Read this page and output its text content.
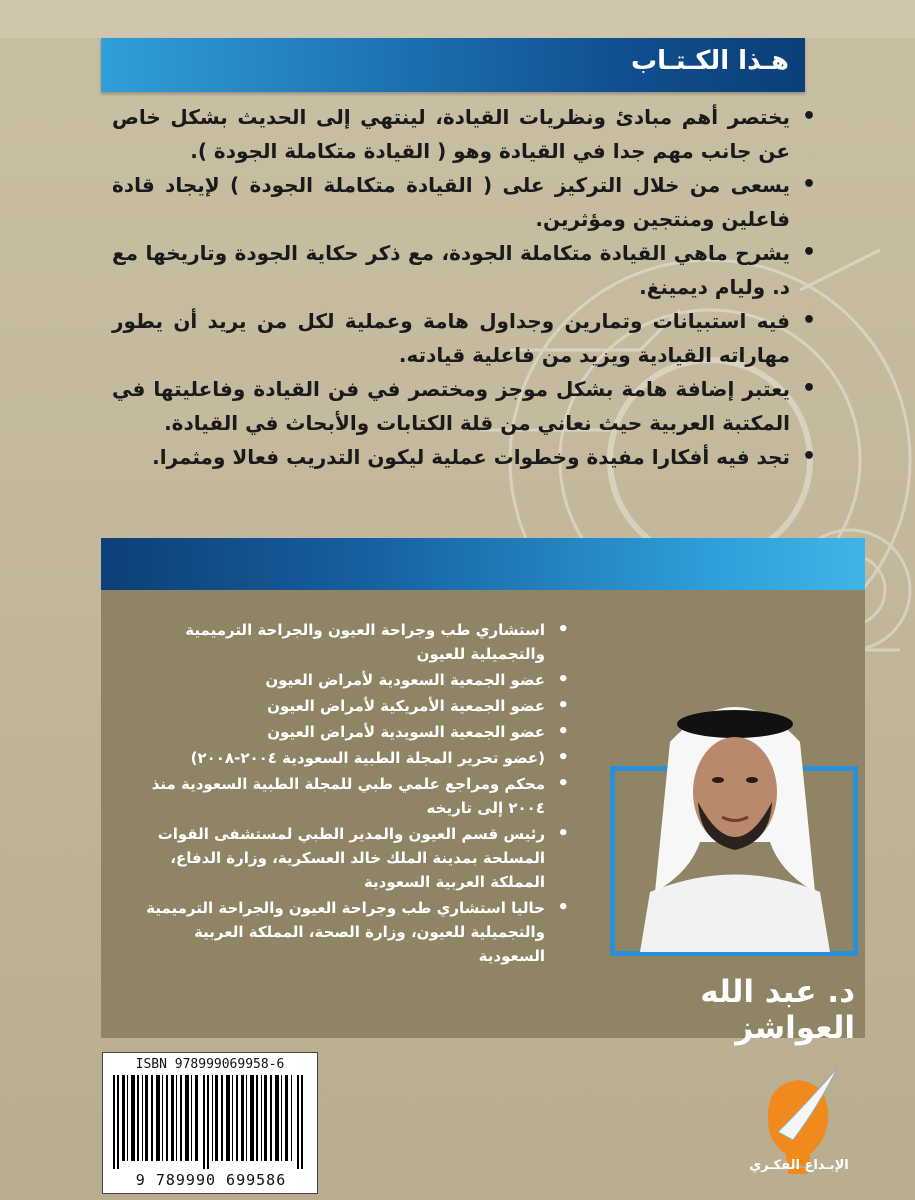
هـذا الكـتـاب
• يختصر أهم مبادئ ونظريات القيادة، لينتهي إلى الحديث بشكل خاص عن جانب مهم جدا في القيادة وهو ( القيادة متكاملة الجودة ).
• يسعى من خلال التركيز على ( القيادة متكاملة الجودة ) لإيجاد قادة فاعلين ومنتجين ومؤثرين.
• يشرح ماهي القيادة متكاملة الجودة، مع ذكر حكاية الجودة وتاريخها مع د. وليام ديمينغ.
• فيه استبيانات وتمارين وجداول هامة وعملية لكل من يريد أن يطور مهاراته القيادية ويزيد من فاعلية قيادته.
• يعتبر إضافة هامة بشكل موجز ومختصر في فن القيادة وفاعليتها في المكتبة العربية حيث نعاني من قلة الكتابات والأبحاث في القيادة.
• تجد فيه أفكارا مفيدة وخطوات عملية ليكون التدريب فعالا ومثمرا.
• استشاري طب وجراحة العيون والجراحة الترميمية والتجميلية للعيون
• عضو الجمعية السعودية لأمراض العيون
• عضو الجمعية الأمريكية لأمراض العيون
• عضو الجمعية السويدية لأمراض العيون
• (عضو تحرير المجلة الطبية السعودية ٢٠٠٤-٢٠٠٨)
• محكم ومراجع علمي طبي للمجلة الطبية السعودية منذ ٢٠٠٤ إلى تاريخه
• رئيس قسم العيون والمدير الطبي لمستشفى القوات المسلحة بمدينة الملك خالد العسكرية، وزارة الدفاع، المملكة العربية السعودية
• حاليا استشاري طب وجراحة العيون والجراحة الترميمية والتجميلية للعيون، وزارة الصحة، المملكة العربية السعودية
د. عبد الله العواشز
ISBN 978999069958-6
9 789990 699586
الإبـداع الفكـري
